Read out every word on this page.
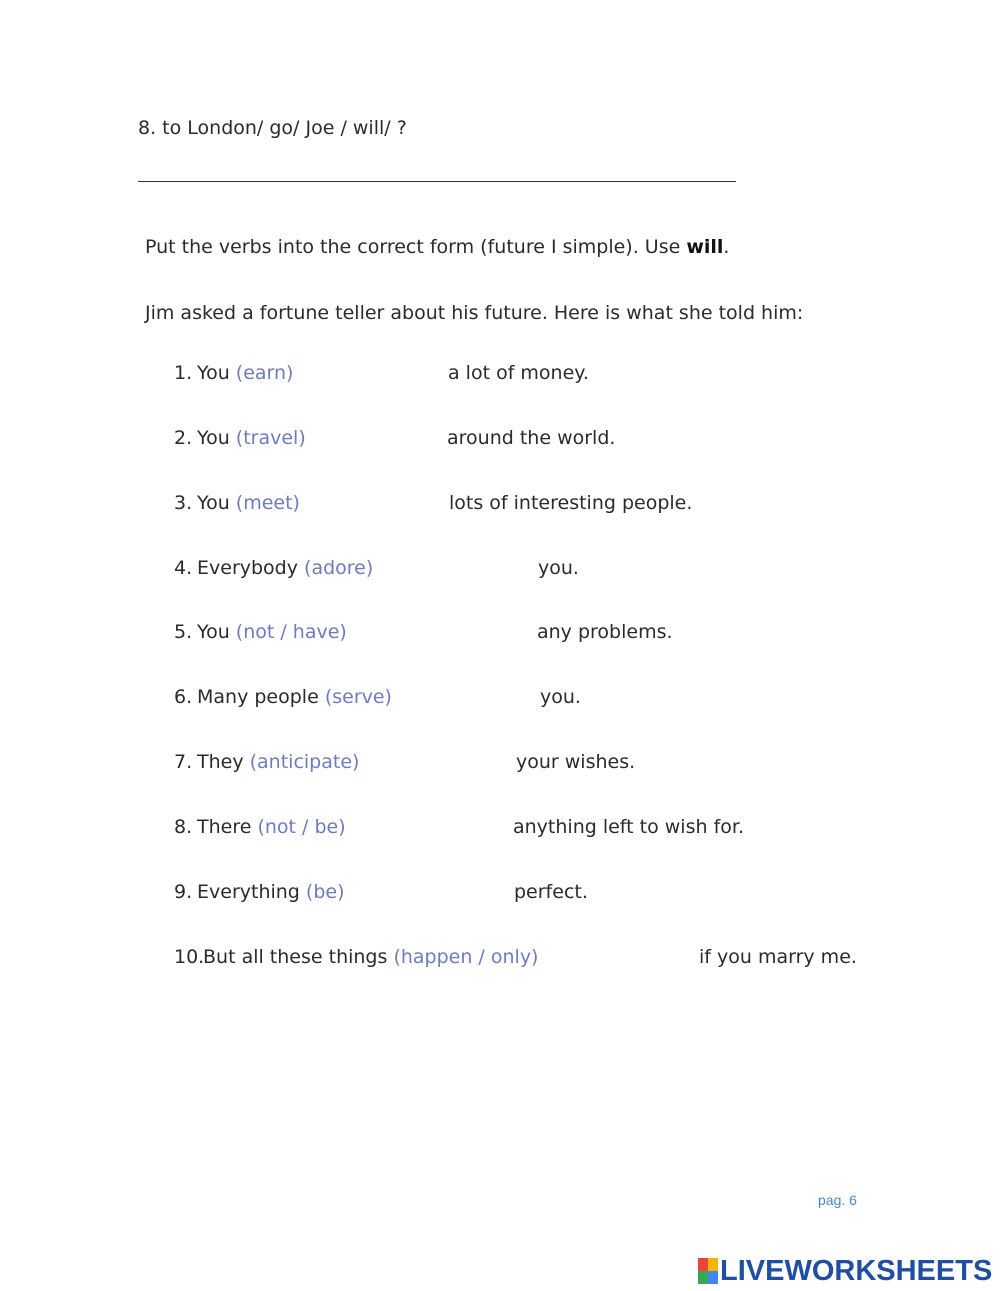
8. to London/ go/ Joe / will/ ?
Put the verbs into the correct form (future I simple). Use will.
Jim asked a fortune teller about his future. Here is what she told him:
1. You (earn)	a lot of money.
2. You (travel)	around the world.
3. You (meet)	lots of interesting people.
4. Everybody (adore)	you.
5. You (not / have)	any problems.
6. Many people (serve)	you.
7. They (anticipate)	your wishes.
8. There (not / be)	anything left to wish for.
9. Everything (be)	perfect.
10.
But all these things (happen / only)	if you marry me.
pag. 6
LIVEWORKSHEETS
